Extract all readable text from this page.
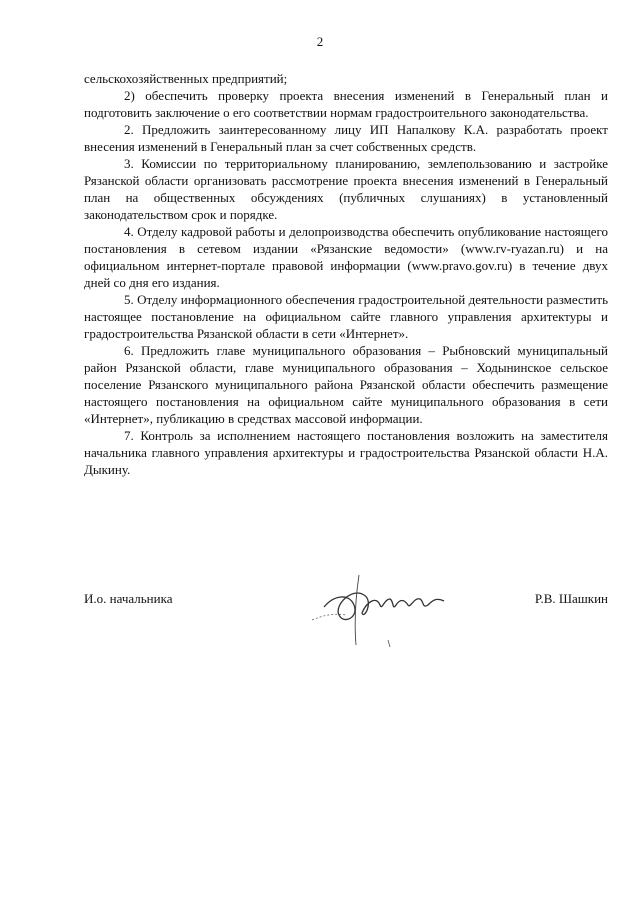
2

сельскохозяйственных предприятий;

2) обеспечить проверку проекта внесения изменений в Генеральный план и подготовить заключение о его соответствии нормам градостроительного законодательства.

2. Предложить заинтересованному лицу ИП Напалкову К.А. разработать проект внесения изменений в Генеральный план за счет собственных средств.

3. Комиссии по территориальному планированию, землепользованию и застройке Рязанской области организовать рассмотрение проекта внесения изменений в Генеральный план на общественных обсуждениях (публичных слушаниях) в установленный законодательством срок и порядке.

4. Отделу кадровой работы и делопроизводства обеспечить опубликование настоящего постановления в сетевом издании «Рязанские ведомости» (www.rv-ryazan.ru) и на официальном интернет-портале правовой информации (www.pravo.gov.ru) в течение двух дней со дня его издания.

5. Отделу информационного обеспечения градостроительной деятельности разместить настоящее постановление на официальном сайте главного управления архитектуры и градостроительства Рязанской области в сети «Интернет».

6. Предложить главе муниципального образования – Рыбновский муниципальный район Рязанской области, главе муниципального образования – Ходынинское сельское поселение Рязанского муниципального района Рязанской области обеспечить размещение настоящего постановления на официальном сайте муниципального образования в сети «Интернет», публикацию в средствах массовой информации.

7. Контроль за исполнением настоящего постановления возложить на заместителя начальника главного управления архитектуры и градостроительства Рязанской области Н.А. Дыкину.

И.о. начальника	Р.В. Шашкин
